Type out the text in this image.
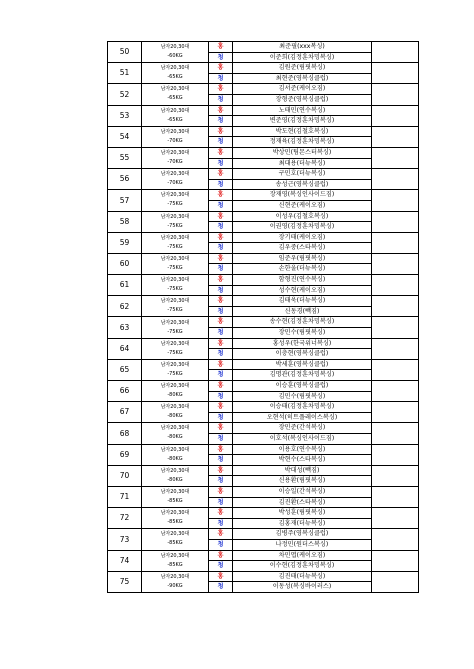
50	남자20,30대
-60KG	홍	최준필(xxx복싱)	
		청	이준희(김정훈차밍복싱)	
51	남자20,30대
-65KG	홍	김원준(림핏복싱)	
		청	최현준(영복싱클럽)	
52	남자20,30대
-65KG	홍	김서준(케이오짐)	
		청	장형준(영복싱클럽)	
53	남자20,30대
-65KG	홍	노태민(연수복싱)	
		청	변준영(김정훈차밍복싱)	
54	남자20,30대
-70KG	홍	박도현(김철호복싱)	
		청	정재육(김정훈차밍복싱)	
55	남자20,30대
-70KG	홍	박상민(팀몬스터복싱)	
		청	최대용(더뉴복싱)	
56	남자20,30대
-70KG	홍	구민호(더뉴복싱)	
		청	송성근(영복싱클럽)	
57	남자20,30대
-75KG	홍	장재영(복싱인사이드짐)	
		청	신현준(케이오짐)	
58	남자20,30대
-75KG	홍	이성우(김철호복싱)	
		청	이권영(김정훈차밍복싱)	
59	남자20,30대
-75KG	홍	장기태(케이오짐)	
		청	김우중(스타복싱)	
60	남자20,30대
-75KG	홍	임준우(림핏복싱)	
		청	손한울(더뉴복싱)	
61	남자20,30대
-75KG	홍	함형진(연수복싱)	
		청	성수현(케이오짐)	
62	남자20,30대
-75KG	홍	김태욱(더뉴복싱)	
		청	신동경(빽짐)	
63	남자20,30대
-75KG	홍	송수현(김정훈차밍복싱)	
		청	장민수(림핏복싱)	
64	남자20,30대
-75KG	홍	홍성우(한국위너복싱)	
		청	이충현(영복싱클럽)	
65	남자20,30대
-75KG	홍	박세훈(영복싱클럽)	
		청	김명관(김정훈차밍복싱)	
66	남자20,30대
-80KG	홍	이승훈(영복싱클럽)	
		청	김민수(림핏복싱)	
67	남자20,30대
-80KG	홍	이승태(김정훈차밍복싱)	
		청	오현석(히트플레이스복싱)	
68	남자20,30대
-80KG	홍	장민준(간석복싱)	
		청	이호석(복싱인사이드짐)	
69	남자20,30대
-80KG	홍	이용호(연수복싱)	
		청	박현수(스타복싱)	
70	남자20,30대
-80KG	홍	박대성(빽짐)	
		청	신용환(림핏복싱)	
71	남자20,30대
-85KG	홍	이승일(간석복싱)	
		청	김진환(스타복싱)	
72	남자20,30대
-85KG	홍	박성훈(림핏복싱)	
		청	김홍재(더뉴복싱)	
73	남자20,30대
-85KG	홍	김병주(영복싱클럽)	
		청	나정민(원더스복싱)	
74	남자20,30대
-85KG	홍	차민엽(케이오짐)	
		청	이수현(김정훈차밍복싱)	
75	남자20,30대
-90KG	홍	김진태(더뉴복싱)	
		청	이동성(복싱바이러스)	
